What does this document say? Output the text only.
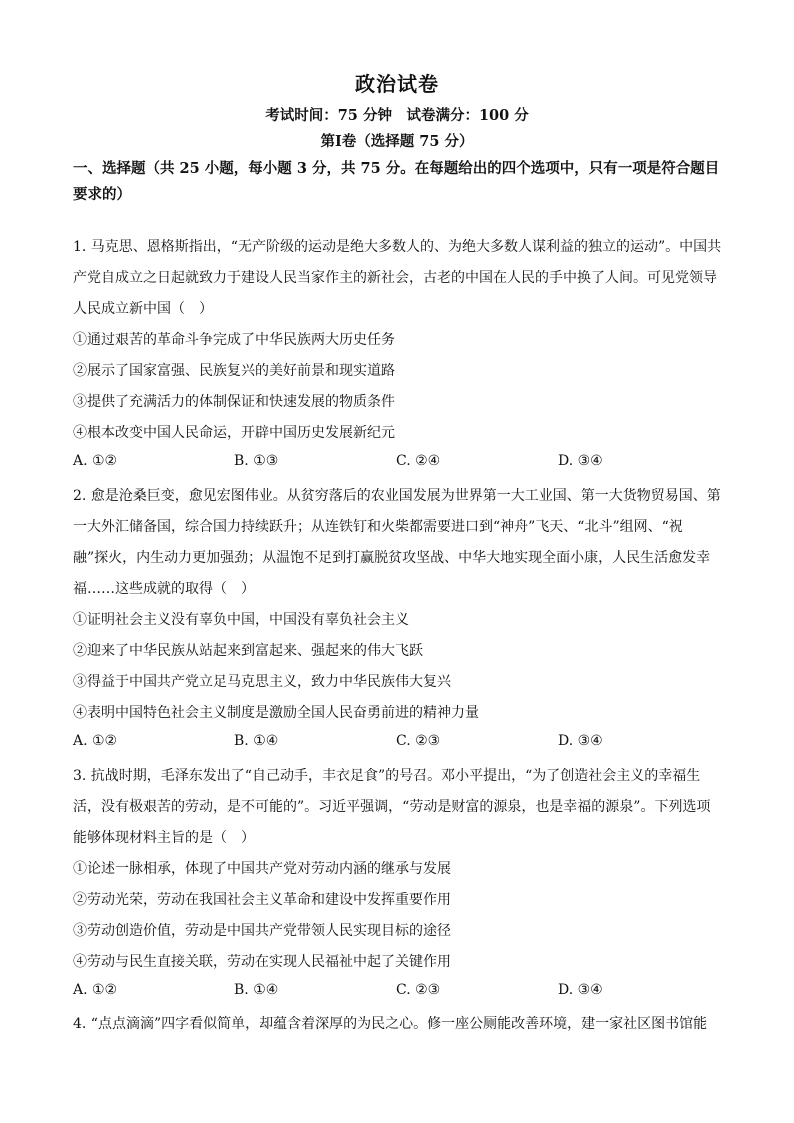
政治试卷
考试时间：75 分钟　试卷满分：100 分
第Ⅰ卷（选择题 75 分）
一、选择题（共 25 小题，每小题 3 分，共 75 分。在每题给出的四个选项中，只有一项是符合题目要求的）
1. 马克思、恩格斯指出，“无产阶级的运动是绝大多数人的、为绝大多数人谋利益的独立的运动”。中国共
产党自成立之日起就致力于建设人民当家作主的新社会，古老的中国在人民的手中换了人间。可见党领导
人民成立新中国（　）
①通过艰苦的革命斗争完成了中华民族两大历史任务
②展示了国家富强、民族复兴的美好前景和现实道路
③提供了充满活力的体制保证和快速发展的物质条件
④根本改变中国人民命运，开辟中国历史发展新纪元
A. ①②	B. ①③	C. ②④	D. ③④
2. 愈是沧桑巨变，愈见宏图伟业。从贫穷落后的农业国发展为世界第一大工业国、第一大货物贸易国、第
一大外汇储备国，综合国力持续跃升；从连铁钉和火柴都需要进口到“神舟”飞天、“北斗”组网、“祝
融”探火，内生动力更加强劲；从温饱不足到打赢脱贫攻坚战、中华大地实现全面小康，人民生活愈发幸
福……这些成就的取得（　）
①证明社会主义没有辜负中国，中国没有辜负社会主义
②迎来了中华民族从站起来到富起来、强起来的伟大飞跃
③得益于中国共产党立足马克思主义，致力中华民族伟大复兴
④表明中国特色社会主义制度是激励全国人民奋勇前进的精神力量
A. ①②	B. ①④	C. ②③	D. ③④
3. 抗战时期，毛泽东发出了“自己动手，丰衣足食”的号召。邓小平提出，“为了创造社会主义的幸福生
活，没有极艰苦的劳动，是不可能的”。习近平强调，“劳动是财富的源泉，也是幸福的源泉”。下列选项
能够体现材料主旨的是（　）
①论述一脉相承，体现了中国共产党对劳动内涵的继承与发展
②劳动光荣，劳动在我国社会主义革命和建设中发挥重要作用
③劳动创造价值，劳动是中国共产党带领人民实现目标的途径
④劳动与民生直接关联，劳动在实现人民福祉中起了关键作用
A. ①②	B. ①④	C. ②③	D. ③④
4. “点点滴滴”四字看似简单，却蕴含着深厚的为民之心。修一座公厕能改善环境，建一家社区图书馆能
